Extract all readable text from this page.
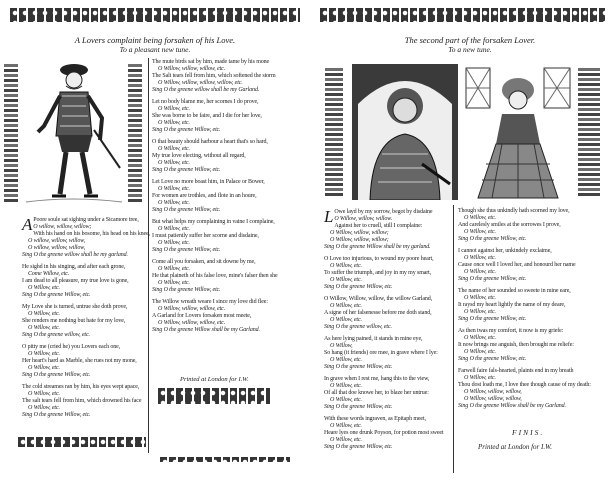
A Lovers complaint being forsaken of his Love.
To a pleasant new tune.
A Poore soule sat sighing under a Sicamore tree,
O willow, willow, willow;
With his hand on his bosome, his head on his knee,
O willow, willow, willow,
O willow, willow, willow,
Sing O the greene willow shall be my garland.
He sighd in his singing, and after each grone,
Come Willow, etc.
I am dead to all pleasure, my true love is gone,
O Willow, etc.
Sing O the greene Willow, etc.
My Love she is turned, untrue she doth prove,
O Willow, etc.
She renders me nothing but hate for my love,
O Willow, etc.
Sing O the greene willow, etc.
O pitty me (cried he) you Lovers each one,
O Willow, etc.
Her heart's hard as Marble, she rues not my mone,
O Willow, etc.
Sing O the greene Willow, etc.
The cold streames ran by him, his eyes wept apace,
O Willow, etc.
The salt tears fell from him, which drowned his face
O Willow, etc.
Sing O the greene Willow, etc.
The mute birds sat by him, made tame by his mone
O Willow, willow, willow, etc.
The Salt tears fell from him, which softened the storm
O Willow, willow, willow, willow, etc.
Sing O the greene willow shall be my Garland.
Let no body blame me, her scornes I do prove,
O Willow, etc.
She was borne to be faire, and I die for her love,
O Willow, etc.
Sing O the greene Willow, etc.
O that beauty should harbour a heart that's so hard,
O Willow, etc.
My true love electing, without all regard,
O Willow, etc.
Sing O the greene Willow, etc.
Let Love no more boast him, in Palace or Bower,
O Willow, etc.
For women are trothles, and flote in an houre,
O Willow, etc.
Sing O the greene Willow, etc.
But what helps my complaining in vaine I complaine,
O Willow, etc.
I must patiently suffer her scorne and disdaine,
O Willow, etc.
Sing O the greene Willow, etc.
Come all you forsaken, and sit downe by me,
O Willow, etc.
He that plaineth of his false love, mine's falser then she
O Willow, etc.
Sing O the greene Willow, etc.
The Willow wreath weare I since my love did flee:
O Willow, willow, willow, etc.
A Garland for Lovers forsaken most meete,
O Willow, willow, willow, etc.
Sing O the greene Willow shall be my Garland.
Printed at London for I.W.
The second part of the forsaken Lover.
To a new tune.
L Owe layd by my sorrow, begot by disdaine
O Willow, willow, willow.
Against her to cruell, still I complaine:
O Willow, willow, willow;
O Willow, willow, willow;
Sing O the greene Willow shall be my garland.
O Love too injurious, to wound my poore heart,
O Willow, etc.
To suffer the triumph, and joy in my my smart,
O Willow, etc.
Sing O the greene Willow, etc.
O Willow, Willow, willow, the willow Garland,
O Willow, etc.
A signe of her falsenesse before me doth stand,
O Willow, etc.
Sing O the greene willow, etc.
As here lying pained, it stands in mine eye,
O Willow,
So hang (it friends) ore mee, in grave where I lye:
O Willow, etc.
Sing O the greene Willow, etc.
In grave when I rest me, hang this to the view,
O Willow, etc.
Of all that doe knowe her, to blaze her untrue:
O Willow, etc.
Sing O the greene Willow, etc.
With these words ingraven, as Epitaph meet,
O Willow, etc.
Heare lyes one drunk Poyson, for potion most sweet
O Willow, etc.
Sing O the greene Willow, etc.
Though she thus unkindly hath scorned my love,
O Willow, etc.
And carelesly smiles at the sorrowes I prove,
O Willow, etc.
Sing O the greene Willow, etc.
I cannot against her, unkindely exclaime,
O Willow, etc.
Cause once well I loved her, and honourd her name
O Willow, etc.
Sing O the greene Willow, etc.
The name of her sounded so sweete in mine eare,
O Willow, etc.
It raysd my heart lightly the name of my deare,
O Willow, etc.
Sing O the greene Willow, etc.
As then twas my comfort, it now is my griefe:
O Willow, etc.
It now brings me anguish, then brought me reliefe:
O Willow, etc.
Sing O the greene Willow, etc.
Farwell faire fals-hearted, plaints end in my breath
O Willow, etc.
Thou dost loath me, I love thee though cause of my death:
O Willow, willow, willow,
O Willow, willow, willow,
Sing O the greene Willow shall be my Garland.
FINIS.
Printed at London for I.W.
